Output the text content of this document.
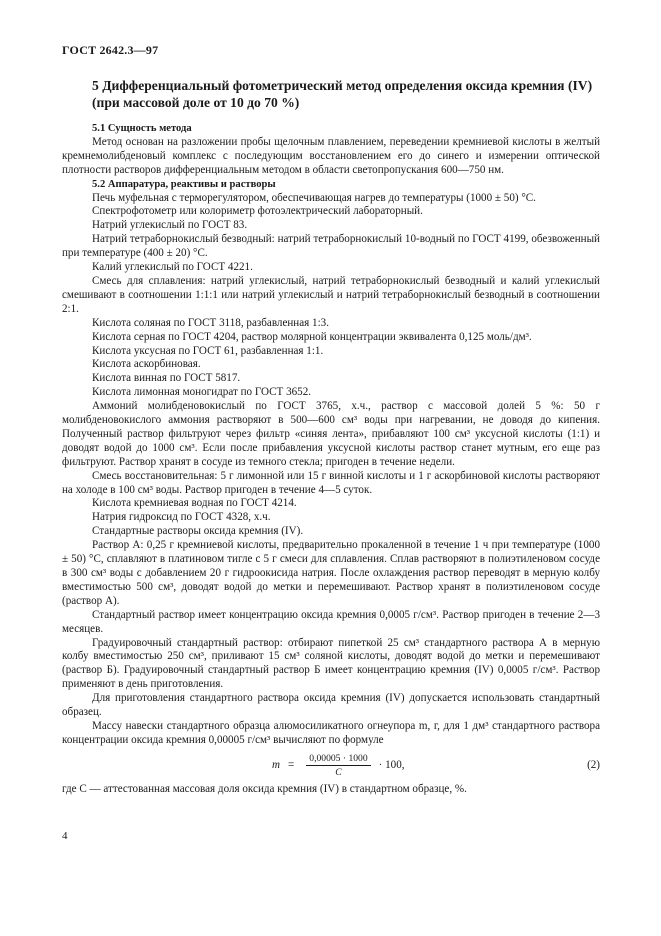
ГОСТ 2642.3—97
5 Дифференциальный фотометрический метод определения оксида кремния (IV)
(при массовой доле от 10 до 70 %)

5.1 Сущность метода

Метод основан на разложении пробы щелочным плавлением, переведении кремниевой кислоты в желтый кремнемолибденовый комплекс с последующим восстановлением его до синего и измерении оптической плотности растворов дифференциальным методом в области светопропускания 600—750 нм.

5.2 Аппаратура, реактивы и растворы

Печь муфельная с терморегулятором, обеспечивающая нагрев до температуры (1000 ± 50) °С.

Спектрофотометр или колориметр фотоэлектрический лабораторный.

Натрий углекислый по ГОСТ 83.

Натрий тетраборнокислый безводный: натрий тетраборнокислый 10-водный по ГОСТ 4199, обезвоженный при температуре (400 ± 20) °С.

Калий углекислый по ГОСТ 4221.

Смесь для сплавления: натрий углекислый, натрий тетраборнокислый безводный и калий углекислый смешивают в соотношении 1:1:1 или натрий углекислый и натрий тетраборнокислый безводный в соотношении 2:1.

Кислота соляная по ГОСТ 3118, разбавленная 1:3.

Кислота серная по ГОСТ 4204, раствор молярной концентрации эквивалента 0,125 моль/дм³.

Кислота уксусная по ГОСТ 61, разбавленная 1:1.

Кислота аскорбиновая.

Кислота винная по ГОСТ 5817.

Кислота лимонная моногидрат по ГОСТ 3652.

Аммоний молибденовокислый по ГОСТ 3765, х.ч., раствор с массовой долей 5 %: 50 г молибденовокислого аммония растворяют в 500—600 см³ воды при нагревании, не доводя до кипения. Полученный раствор фильтруют через фильтр «синяя лента», прибавляют 100 см³ уксусной кислоты (1:1) и доводят водой до 1000 см³. Если после прибавления уксусной кислоты раствор станет мутным, его еще раз фильтруют. Раствор хранят в сосуде из темного стекла; пригоден в течение недели.

Смесь восстановительная: 5 г лимонной или 15 г винной кислоты и 1 г аскорбиновой кислоты растворяют на холоде в 100 см³ воды. Раствор пригоден в течение 4—5 суток.

Кислота кремниевая водная по ГОСТ 4214.

Натрия гидроксид по ГОСТ 4328, х.ч.

Стандартные растворы оксида кремния (IV).

Раствор А: 0,25 г кремниевой кислоты, предварительно прокаленной в течение 1 ч при температуре (1000 ± 50) °С, сплавляют в платиновом тигле с 5 г смеси для сплавления. Сплав растворяют в полиэтиленовом сосуде в 300 см³ воды с добавлением 20 г гидроокисида натрия. После охлаждения раствор переводят в мерную колбу вместимостью 500 см³, доводят водой до метки и перемешивают. Раствор хранят в полиэтиленовом сосуде (раствор А).

Стандартный раствор имеет концентрацию оксида кремния 0,0005 г/см³. Раствор пригоден в течение 2—3 месяцев.

Градуировочный стандартный раствор: отбирают пипеткой 25 см³ стандартного раствора А в мерную колбу вместимостью 250 см³, приливают 15 см³ соляной кислоты, доводят водой до метки и перемешивают (раствор Б). Градуировочный стандартный раствор Б имеет концентрацию кремния (IV) 0,0005 г/см³. Раствор применяют в день приготовления.

Для приготовления стандартного раствора оксида кремния (IV) допускается использовать стандартный образец.

Массу навески стандартного образца алюмосиликатного огнеупора m, г, для 1 дм³ стандартного раствора концентрации оксида кремния 0,00005 г/см³ вычисляют по формуле

$m = \frac{0,00005 \cdot 1000}{C} \cdot 100$,	(2)

где C — аттестованная массовая доля оксида кремния (IV) в стандартном образце, %.

4
